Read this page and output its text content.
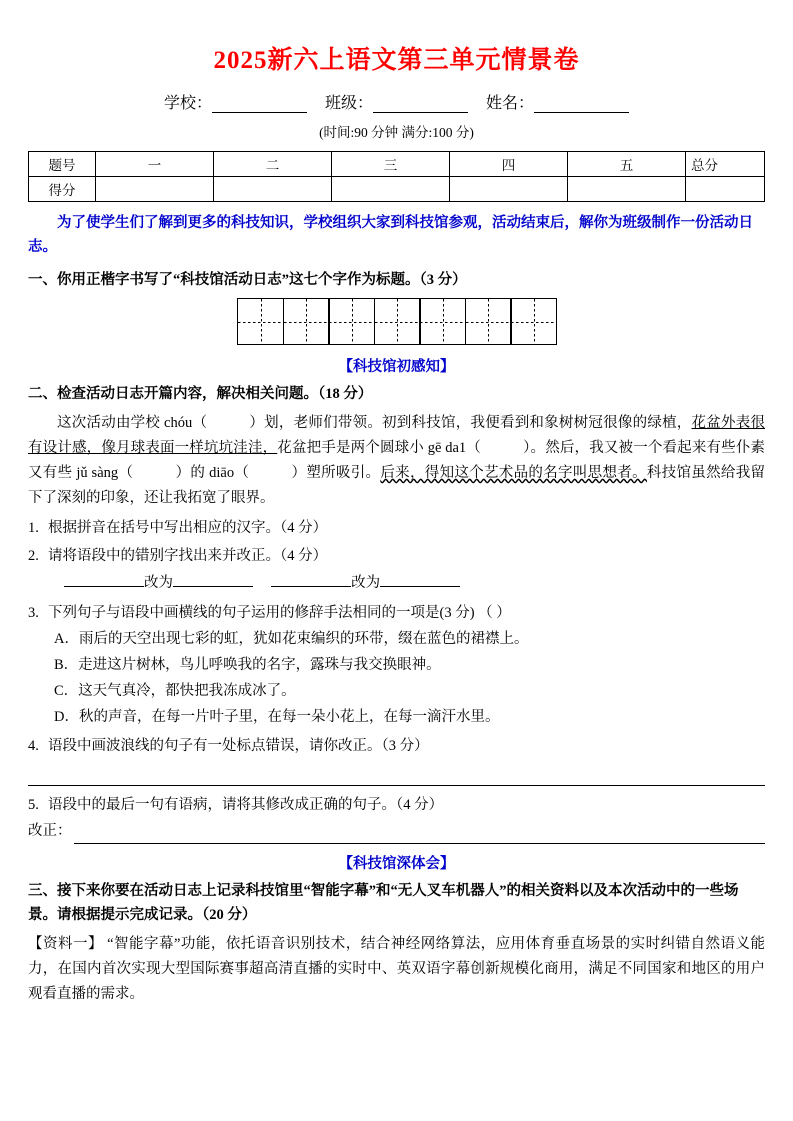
2025新六上语文第三单元情景卷
学校：	班级：	姓名：
(时间:90 分钟 满分:100 分)
题号	一	二	三	四	五	总分
得分						
为了使学生们了解到更多的科技知识，学校组织大家到科技馆参观，活动结束后，解你为班级制作一份活动日志。
一、你用正楷字书写了“科技馆活动日志”这七个字作为标题。（3 分）
【科技馆初感知】
二、检查活动日志开篇内容，解决相关问题。（18 分）

这次活动由学校 chóu（	）划，老师们带领。初到科技馆，我便看到和象树树冠很像的绿植，花盆外表很有设计感，像月球表面一样坑坑洼洼，花盆把手是两个圆球小 gē da1（	）。然后，我又被一个看起来有些仆素又有些 jǔ sàng（	）的 diāo（	）塑所吸引。后来，得知这个艺术品的名字叫思想者。科技馆虽然给我留下了深刻的印象，还让我拓宽了眼界。

1. 根据拼音在括号中写出相应的汉字。（4 分）
2. 请将语段中的错别字找出来并改正。（4 分）
改为	改为
3. 下列句子与语段中画横线的句子运用的修辞手法相同的一项是(3 分) （ ）
A．雨后的天空出现七彩的虹，犹如花束编织的环带，缀在蓝色的裙襟上。
B．走进这片树林，鸟儿呼唤我的名字，露珠与我交换眼神。
C．这天气真冷，都快把我冻成冰了。
D．秋的声音，在每一片叶子里，在每一朵小花上，在每一滴汗水里。
4. 语段中画波浪线的句子有一处标点错误，请你改正。（3 分）
5. 语段中的最后一句有语病，请将其修改成正确的句子。（4 分）
改正：
【科技馆深体会】
三、接下来你要在活动日志上记录科技馆里“智能字幕”和“无人叉车机器人”的相关资料以及本次活动中的一些场景。请根据提示完成记录。（20 分）

【资料一】 “智能字幕”功能，依托语音识别技术，结合神经网络算法，应用体育垂直场景的实时纠错自然语义能力，在国内首次实现大型国际赛事超高清直播的实时中、英双语字幕创新规模化商用，满足不同国家和地区的用户观看直播的需求。
